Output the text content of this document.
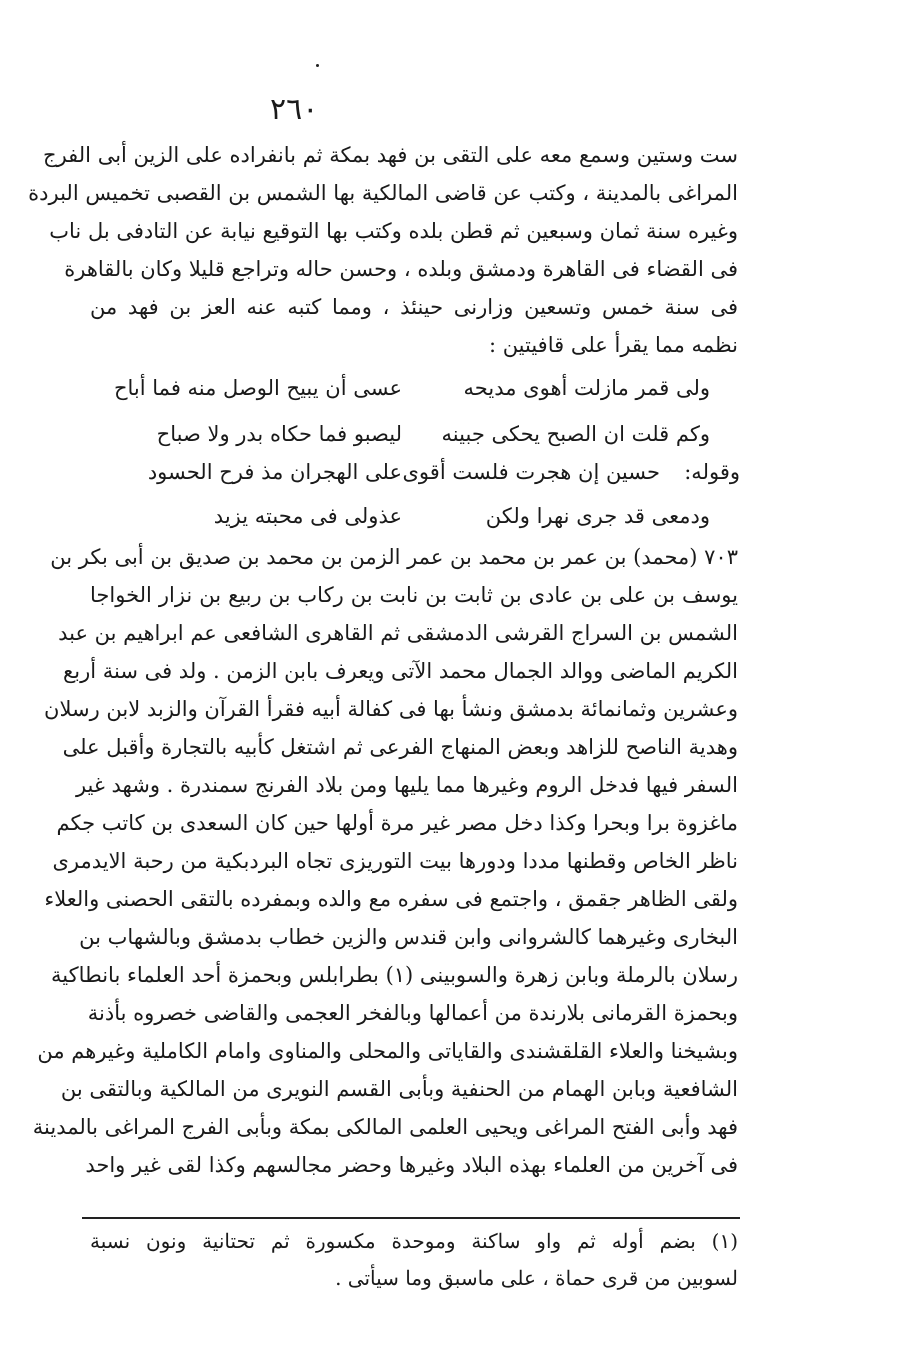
٢٦٠
ست وستين وسمع معه على التقى بن فهد بمكة ثم بانفراده على الزين أبى الفرج
المراغى بالمدينة ، وكتب عن قاضى المالكية بها الشمس بن القصبى تخميس البردة
وغيره سنة ثمان وسبعين ثم قطن بلده وكتب بها التوقيع نيابة عن التادفى بل ناب
فى القضاء فى القاهرة ودمشق وبلده ، وحسن حاله وتراجع قليلا وكان بالقاهرة
فى سنة خمس وتسعين وزارنى حينئذ ، ومما كتبه عنه العز بن فهد من
نظمه مما يقرأ على قافيتين :
ولى قمر مازلت أهوى مديحه
عسى أن يبيح الوصل منه فما أباح
وكم قلت ان الصبح يحكى جبينه
ليصبو فما حكاه بدر ولا صباح
وقوله:
حسين إن هجرت فلست أقوى
على الهجران مذ فرح الحسود
ودمعى قد جرى نهرا ولكن
عذولى فى محبته يزيد
٧٠٣ (محمد) بن عمر بن محمد بن عمر الزمن بن محمد بن صديق بن أبى بكر بن
يوسف بن على بن عادى بن ثابت بن نابت بن ركاب بن ربيع بن نزار الخواجا
الشمس بن السراج القرشى الدمشقى ثم القاهرى الشافعى عم ابراهيم بن عبد
الكريم الماضى ووالد الجمال محمد الآتى ويعرف بابن الزمن . ولد فى سنة أربع
وعشرين وثمانمائة بدمشق ونشأ بها فى كفالة أبيه فقرأ القرآن والزبد لابن رسلان
وهدية الناصح للزاهد وبعض المنهاج الفرعى ثم اشتغل كأبيه بالتجارة وأقبل على
السفر فيها فدخل الروم وغيرها مما يليها ومن بلاد الفرنج سمندرة . وشهد غير
ماغزوة برا وبحرا وكذا دخل مصر غير مرة أولها حين كان السعدى بن كاتب جكم
ناظر الخاص وقطنها مددا ودورها بيت التوريزى تجاه البردبكية من رحبة الايدمرى
ولقى الظاهر جقمق ، واجتمع فى سفره مع والده وبمفرده بالتقى الحصنى والعلاء
البخارى وغيرهما كالشروانى وابن قندس والزين خطاب بدمشق وبالشهاب بن
رسلان بالرملة وبابن زهرة والسوبينى (١) بطرابلس وبحمزة أحد العلماء بانطاكية
وبحمزة القرمانى بلارندة من أعمالها وبالفخر العجمى والقاضى خصروه بأذنة
وبشيخنا والعلاء القلقشندى والقاياتى والمحلى والمناوى وامام الكاملية وغيرهم من
الشافعية وبابن الهمام من الحنفية وبأبى القسم النويرى من المالكية وبالتقى بن
فهد وأبى الفتح المراغى ويحيى العلمى المالكى بمكة وبأبى الفرج المراغى بالمدينة
فى آخرين من العلماء بهذه البلاد وغيرها وحضر مجالسهم وكذا لقى غير واحد
(١) بضم أوله ثم واو ساكنة وموحدة مكسورة ثم تحتانية ونون نسبة
لسوبين من قرى حماة ، على ماسبق وما سيأتى .
